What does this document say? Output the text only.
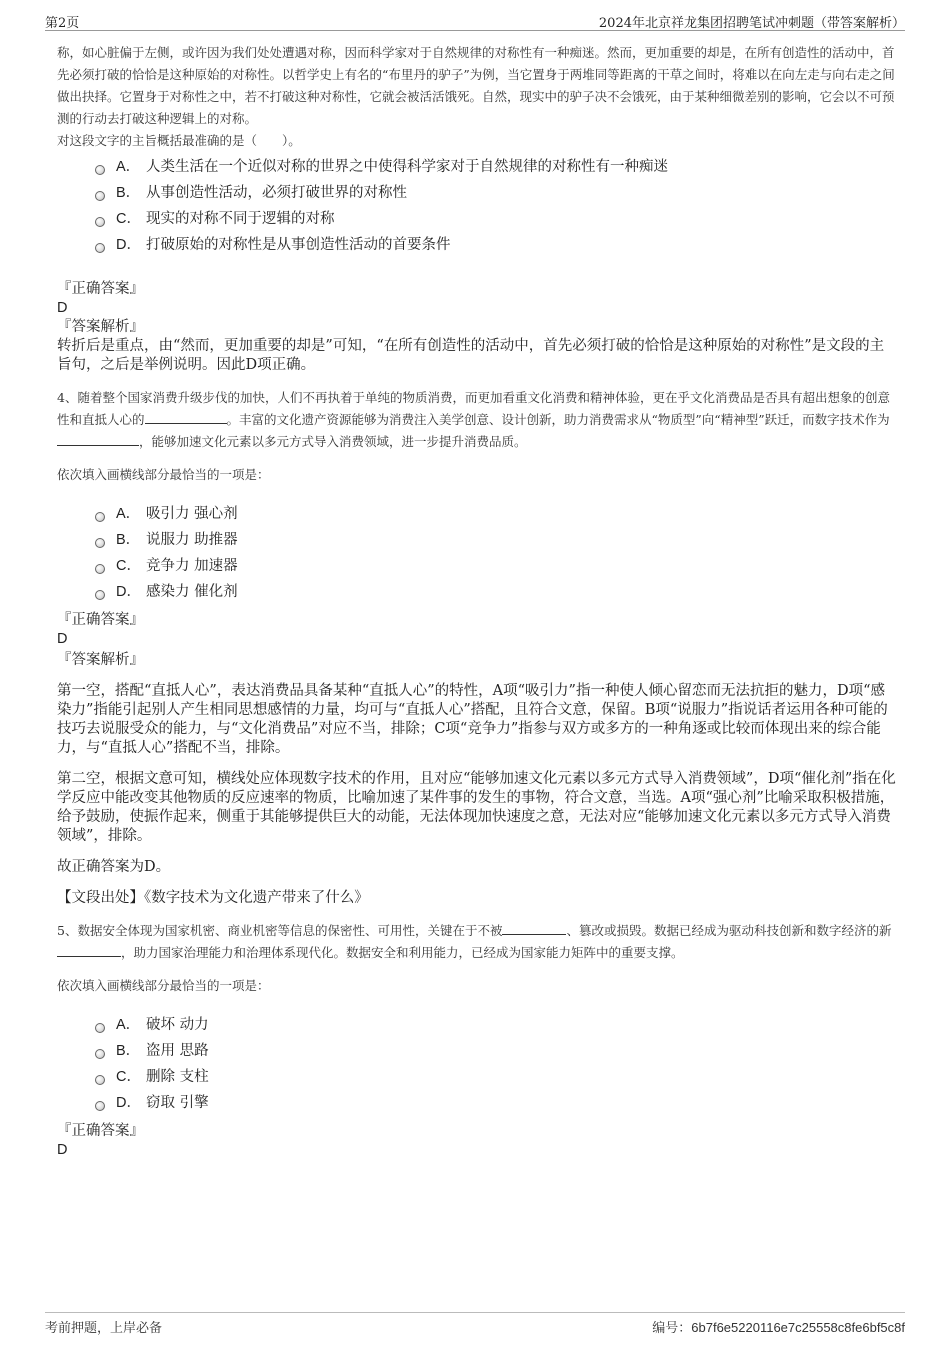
第2页	2024年北京祥龙集团招聘笔试冲刺题（带答案解析）

称，如心脏偏于左侧，或许因为我们处处遭遇对称，因而科学家对于自然规律的对称性有一种痴迷。然而，更加重要的却是，在所有创造性的活动中，首先必须打破的恰恰是这种原始的对称性。以哲学史上有名的“布里丹的驴子”为例，当它置身于两堆同等距离的干草之间时，将难以在向左走与向右走之间做出抉择。它置身于对称性之中，若不打破这种对称性，它就会被活活饿死。自然，现实中的驴子决不会饿死，由于某种细微差别的影响，它会以不可预测的行动去打破这种逻辑上的对称。

对这段文字的主旨概括最准确的是（　　）。

A． 人类生活在一个近似对称的世界之中使得科学家对于自然规律的对称性有一种痴迷
B． 从事创造性活动，必须打破世界的对称性
C． 现实的对称不同于逻辑的对称
D． 打破原始的对称性是从事创造性活动的首要条件

『正确答案』

D

『答案解析』

转折后是重点，由“然而，更加重要的却是”可知，“在所有创造性的活动中，首先必须打破的恰恰是这种原始的对称性”是文段的主旨句，之后是举例说明。因此D项正确。

4、随着整个国家消费升级步伐的加快，人们不再执着于单纯的物质消费，而更加看重文化消费和精神体验，更在乎文化消费品是否具有超出想象的创意性和直抵人心的	。丰富的文化遗产资源能够为消费注入美学创意、设计创新，助力消费需求从“物质型”向“精神型”跃迁，而数字技术作为，能够加速文化元素以多元方式导入消费领域，进一步提升消费品质。

依次填入画横线部分最恰当的一项是：

A． 吸引力 强心剂
B． 说服力 助推器
C． 竞争力 加速器
D． 感染力 催化剂

『正确答案』

D

『答案解析』

第一空，搭配“直抵人心”，表达消费品具备某种“直抵人心”的特性，A项“吸引力”指一种使人倾心留恋而无法抗拒的魅力，D项“感染力”指能引起别人产生相同思想感情的力量，均可与“直抵人心”搭配，且符合文意，保留。B项“说服力”指说话者运用各种可能的技巧去说服受众的能力，与“文化消费品”对应不当，排除；C项“竞争力”指参与双方或多方的一种角逐或比较而体现出来的综合能力，与“直抵人心”搭配不当，排除。

第二空，根据文意可知，横线处应体现数字技术的作用，且对应“能够加速文化元素以多元方式导入消费领域”，D项“催化剂”指在化学反应中能改变其他物质的反应速率的物质，比喻加速了某件事的发生的事物，符合文意，当选。A项“强心剂”比喻采取积极措施，给予鼓励，使振作起来，侧重于其能够提供巨大的动能，无法体现加快速度之意，无法对应“能够加速文化元素以多元方式导入消费领域”，排除。

故正确答案为D。

【文段出处】《数字技术为文化遗产带来了什么》

5、数据安全体现为国家机密、商业机密等信息的保密性、可用性，关键在于不被	、篡改或损毁。数据已经成为驱动科技创新和数字经济的新，助力国家治理能力和治理体系现代化。数据安全和利用能力，已经成为国家能力矩阵中的重要支撑。

依次填入画横线部分最恰当的一项是：

A． 破坏 动力
B． 盗用 思路
C． 删除 支柱
D． 窃取 引擎

『正确答案』

D

考前押题，上岸必备	编号：6b7f6e5220116e7c25558c8fe6bf5c8f
